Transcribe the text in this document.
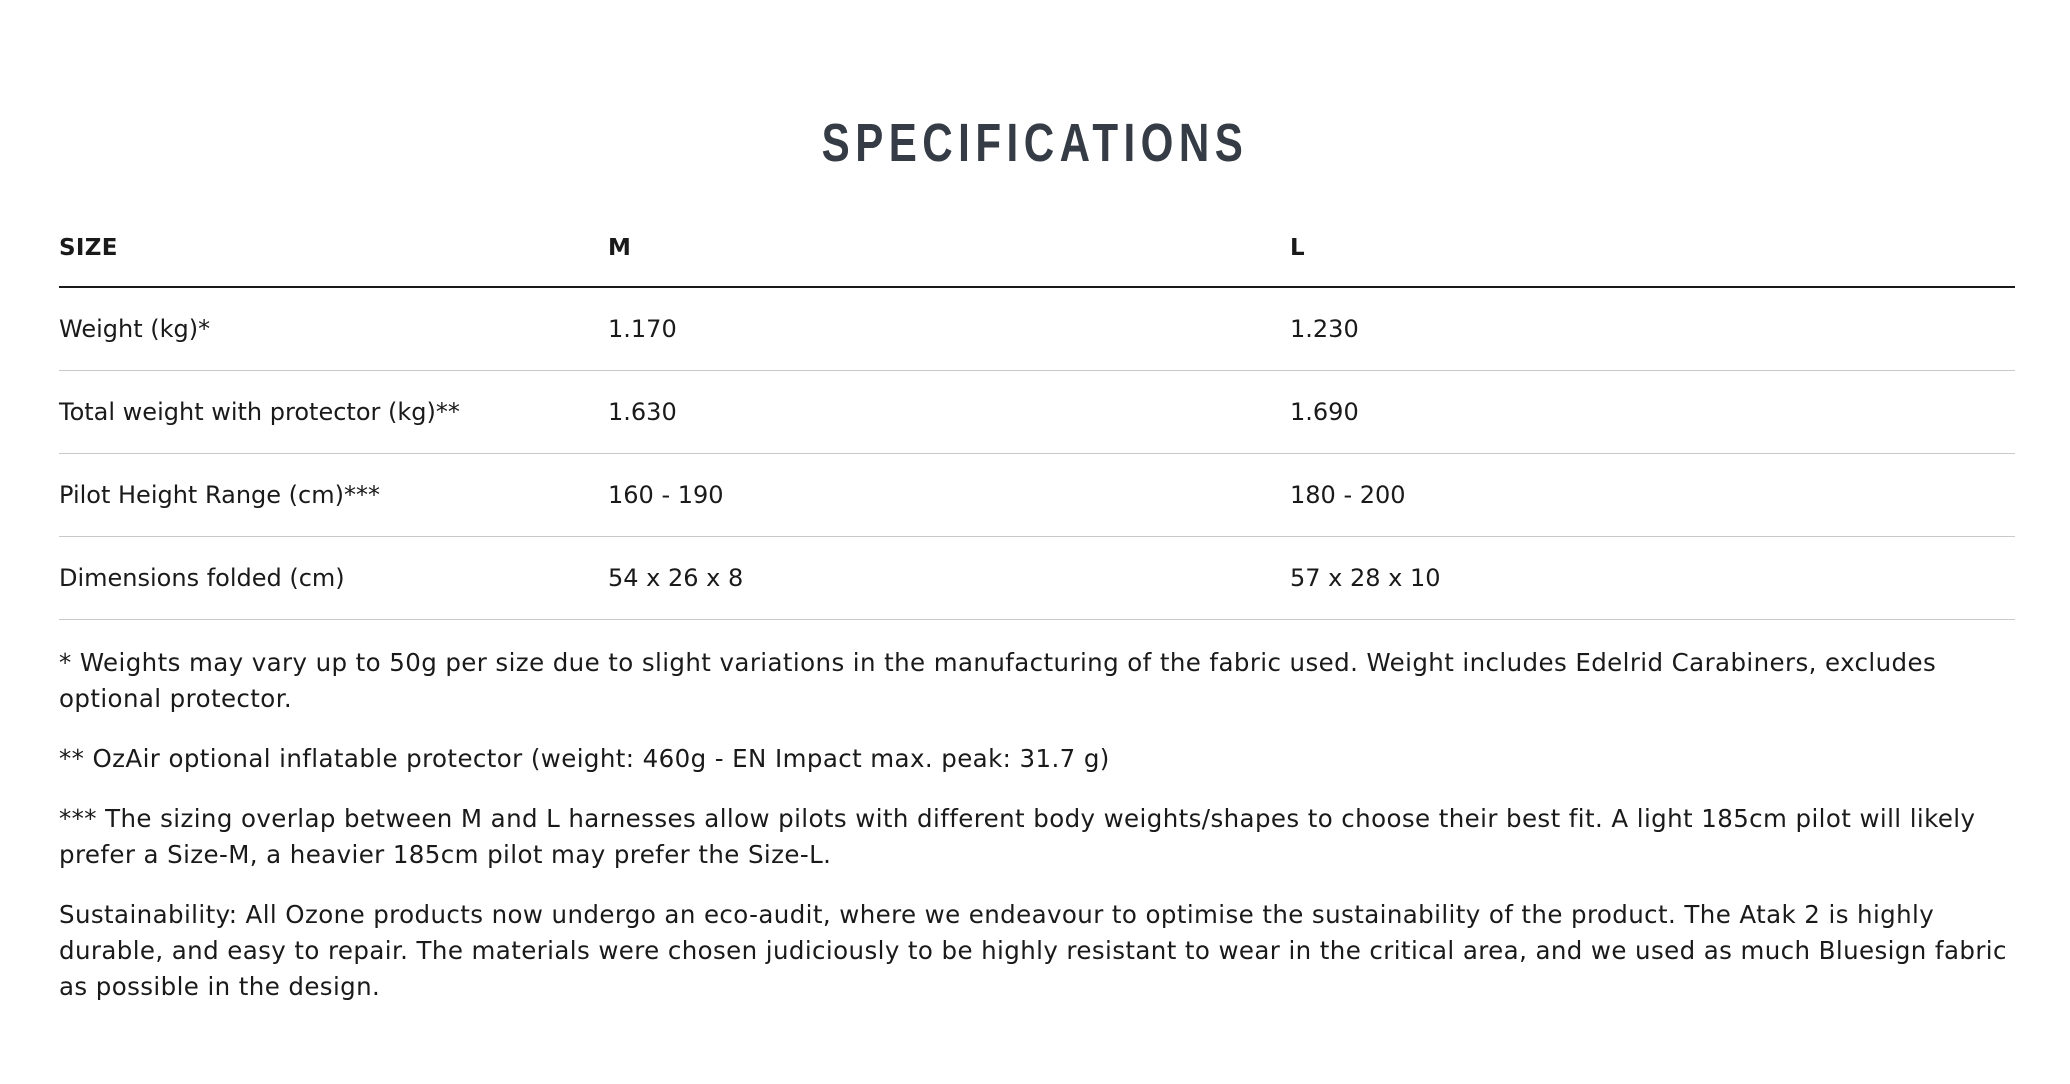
SPECIFICATIONS
SIZE	M	L
Weight (kg)*	1.170	1.230
Total weight with protector (kg)**	1.630	1.690
Pilot Height Range (cm)***	160 - 190	180 - 200
Dimensions folded (cm)	54 x 26 x 8	57 x 28 x 10

* Weights may vary up to 50g per size due to slight variations in the manufacturing of the fabric used. Weight includes Edelrid Carabiners, excludes optional protector.

** OzAir optional inflatable protector (weight: 460g - EN Impact max. peak: 31.7 g)

*** The sizing overlap between M and L harnesses allow pilots with different body weights/shapes to choose their best fit. A light 185cm pilot will likely prefer a Size-M, a heavier 185cm pilot may prefer the Size-L.

Sustainability: All Ozone products now undergo an eco-audit, where we endeavour to optimise the sustainability of the product. The Atak 2 is highly durable, and easy to repair. The materials were chosen judiciously to be highly resistant to wear in the critical area, and we used as much Bluesign fabric as possible in the design.
